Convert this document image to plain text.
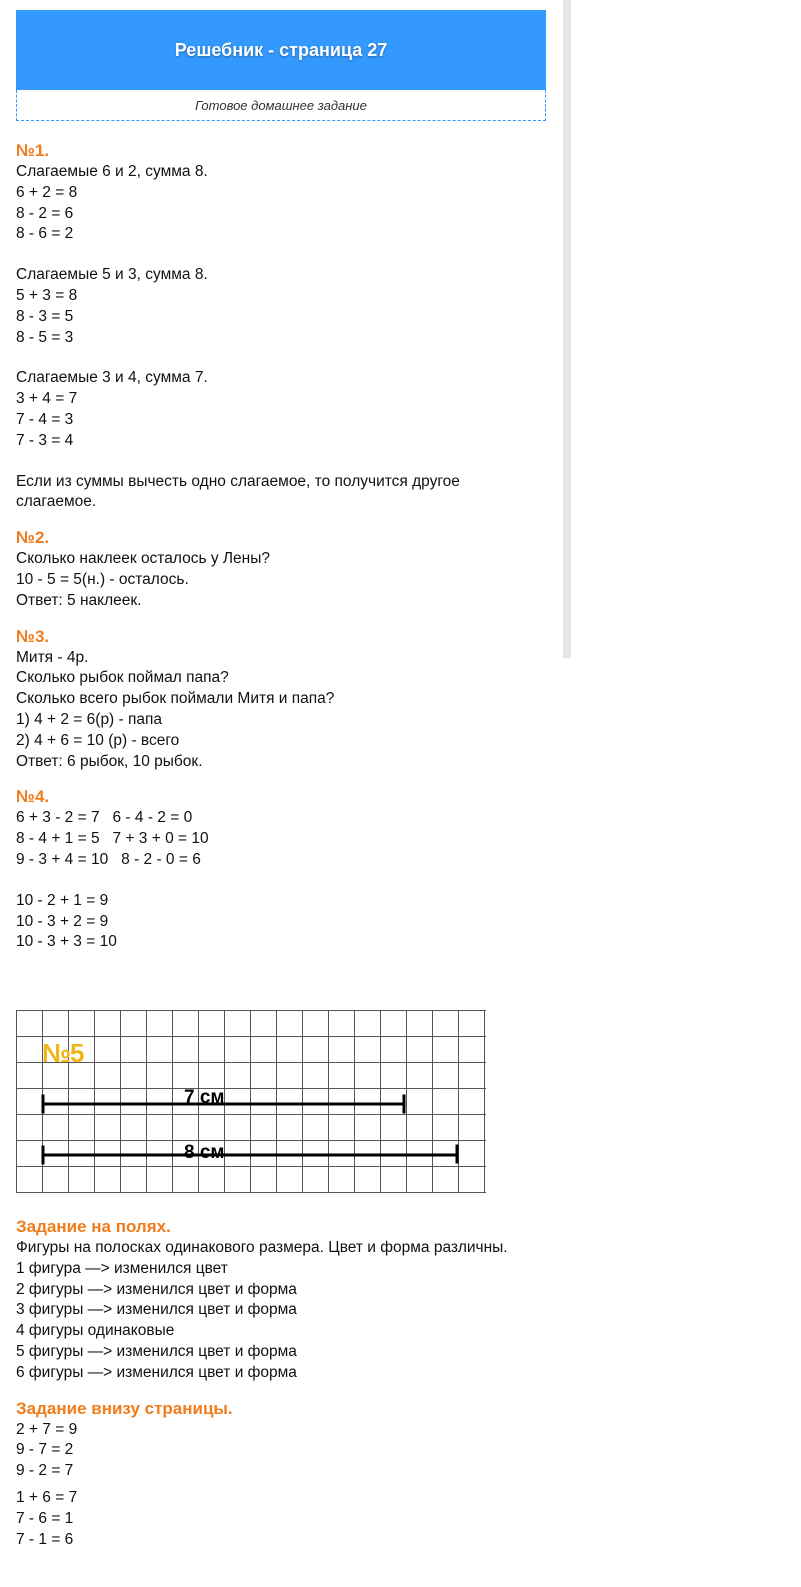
Решебник - страница 27
Готовое домашнее задание
№1.
Слагаемые 6 и 2, сумма 8.
6 + 2 = 8
8 - 2 = 6
8 - 6 = 2
Слагаемые 5 и 3, сумма 8.
5 + 3 = 8
8 - 3 = 5
8 - 5 = 3
Слагаемые 3 и 4, сумма 7.
3 + 4 = 7
7 - 4 = 3
7 - 3 = 4
Если из суммы вычесть одно слагаемое, то получится другое
слагаемое.
№2.
Сколько наклеек осталось у Лены?
10 - 5 = 5(н.) - осталось.
Ответ: 5 наклеек.
№3.
Митя - 4р.
Сколько рыбок поймал папа?
Сколько всего рыбок поймали Митя и папа?
1) 4 + 2 = 6(р) - папа
2) 4 + 6 = 10 (р) - всего
Ответ: 6 рыбок, 10 рыбок.
№4.
6 + 3 - 2 = 7   6 - 4 - 2 = 0
8 - 4 + 1 = 5   7 + 3 + 0 = 10
9 - 3 + 4 = 10   8 - 2 - 0 = 6
10 - 2 + 1 = 9
10 - 3 + 2 = 9
10 - 3 + 3 = 10
№5
7 см
8 см
Задание на полях.
Фигуры на полосках одинакового размера. Цвет и форма различны.
1 фигура —> изменился цвет
2 фигуры —> изменился цвет и форма
3 фигуры —> изменился цвет и форма
4 фигуры одинаковые
5 фигуры —> изменился цвет и форма
6 фигуры —> изменился цвет и форма
Задание внизу страницы.
2 + 7 = 9
9 - 7 = 2
9 - 2 = 7
1 + 6 = 7
7 - 6 = 1
7 - 1 = 6
